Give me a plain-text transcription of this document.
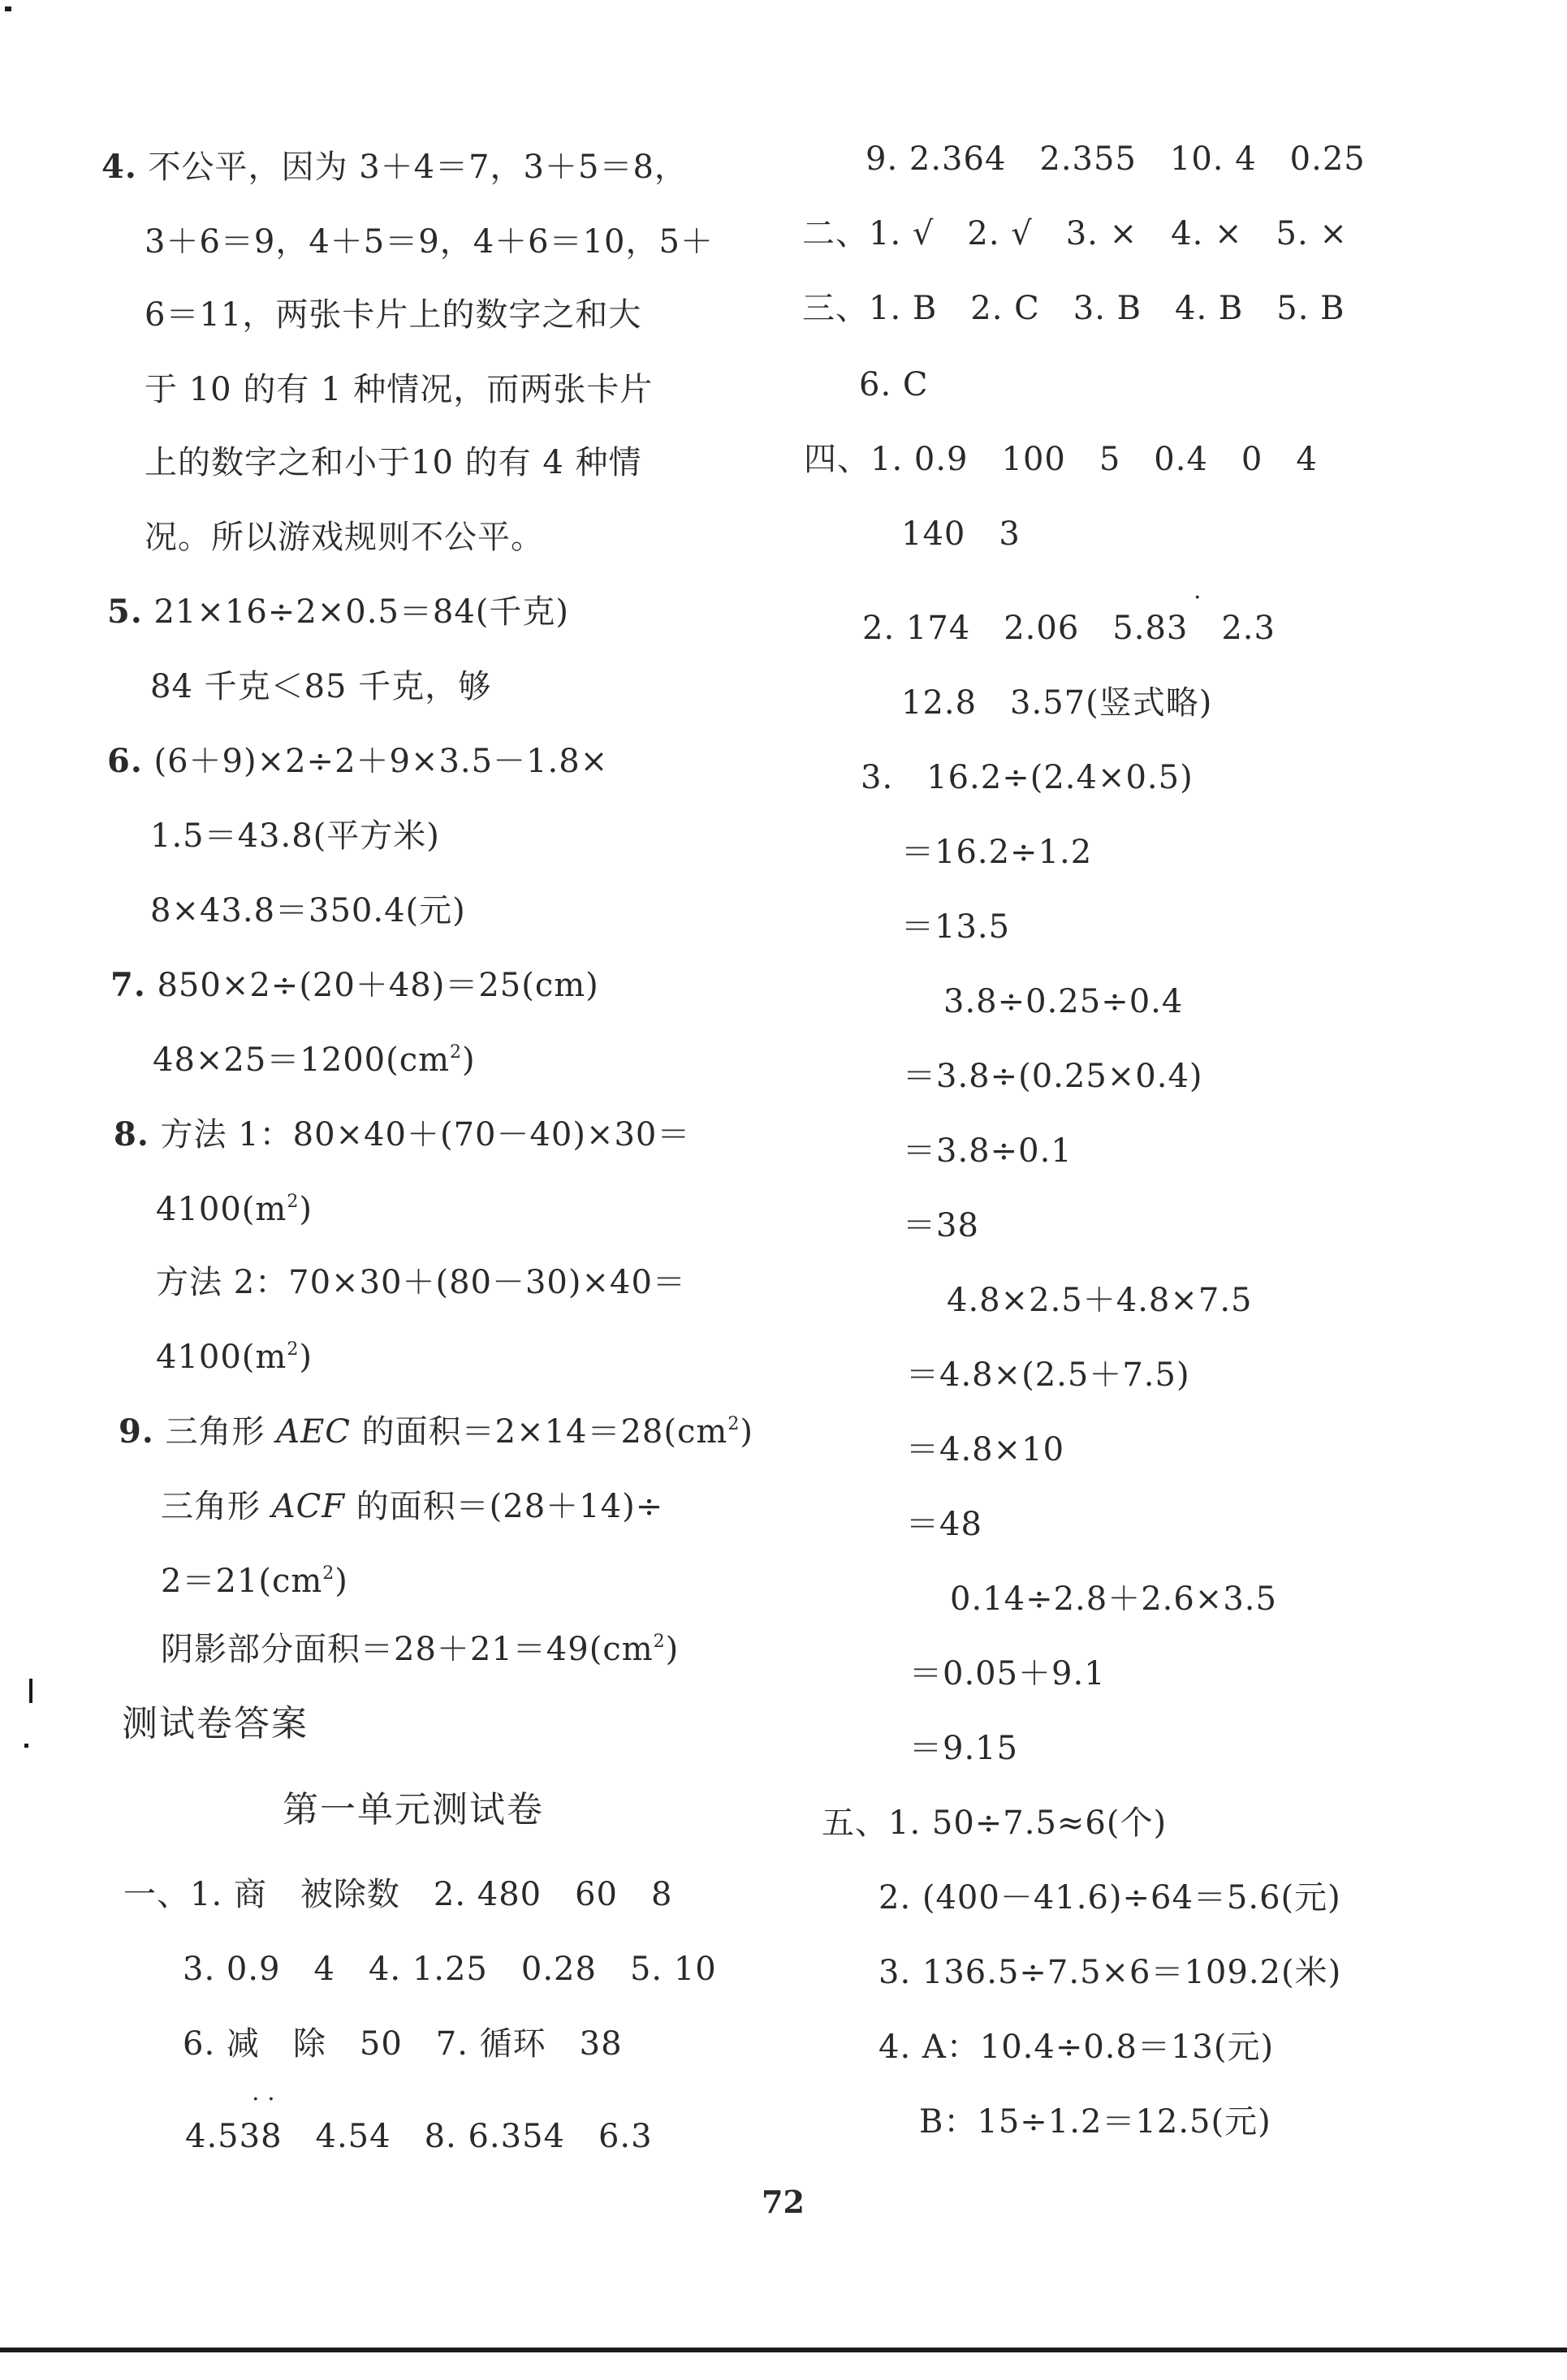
4. 不公平，因为 3＋4＝7，3＋5＝8，
3＋6＝9，4＋5＝9，4＋6＝10，5＋
6＝11，两张卡片上的数字之和大
于 10 的有 1 种情况，而两张卡片
上的数字之和小于10 的有 4 种情
况。所以游戏规则不公平。
5. 21×16÷2×0.5＝84(千克)
84 千克＜85 千克，够
6. (6＋9)×2÷2＋9×3.5－1.8×
1.5＝43.8(平方米)
8×43.8＝350.4(元)
7. 850×2÷(20＋48)＝25(cm)
$48\times 25=1200(cm^2)$
8. 方法 1：80×40＋(70－40)×30＝
$4100(m^2)$
方法 2：70×30＋(80－30)×40＝
$4100(m^2)$
9. 三角形 AEC 的面积$=2\times 14=28(cm^2)$
三角形 ACF 的面积＝(28＋14)÷
$2=21(cm^2)$
阴影部分面积$=28+21=49(cm^2)$
测试卷答案
第一单元测试卷
一、1. 商　被除数　2. 480　60　8
3. 0.9　4　4. 1.25　0.28　5. 10
6. 减　除　50　7. 循环　38
. .
4.538　4.54　8. 6.354　6.3
9. 2.364　2.355　10. 4　0.25
二、1. √　2. √　3. ×　4. ×　5. ×
三、1. B　2. C　3. B　4. B　5. B
6. C
四、1. 0.9　100　5　0.4　0　4
140　3
.
2. 174　2.06　5.83　2.3
12.8　3.57(竖式略)
3.　16.2÷(2.4×0.5)
＝16.2÷1.2
＝13.5
3.8÷0.25÷0.4
＝3.8÷(0.25×0.4)
＝3.8÷0.1
＝38
4.8×2.5＋4.8×7.5
＝4.8×(2.5＋7.5)
＝4.8×10
＝48
0.14÷2.8＋2.6×3.5
＝0.05＋9.1
＝9.15
五、1. 50÷7.5≈6(个)
2. (400－41.6)÷64＝5.6(元)
3. 136.5÷7.5×6＝109.2(米)
4. A：10.4÷0.8＝13(元)
B：15÷1.2＝12.5(元)
72
